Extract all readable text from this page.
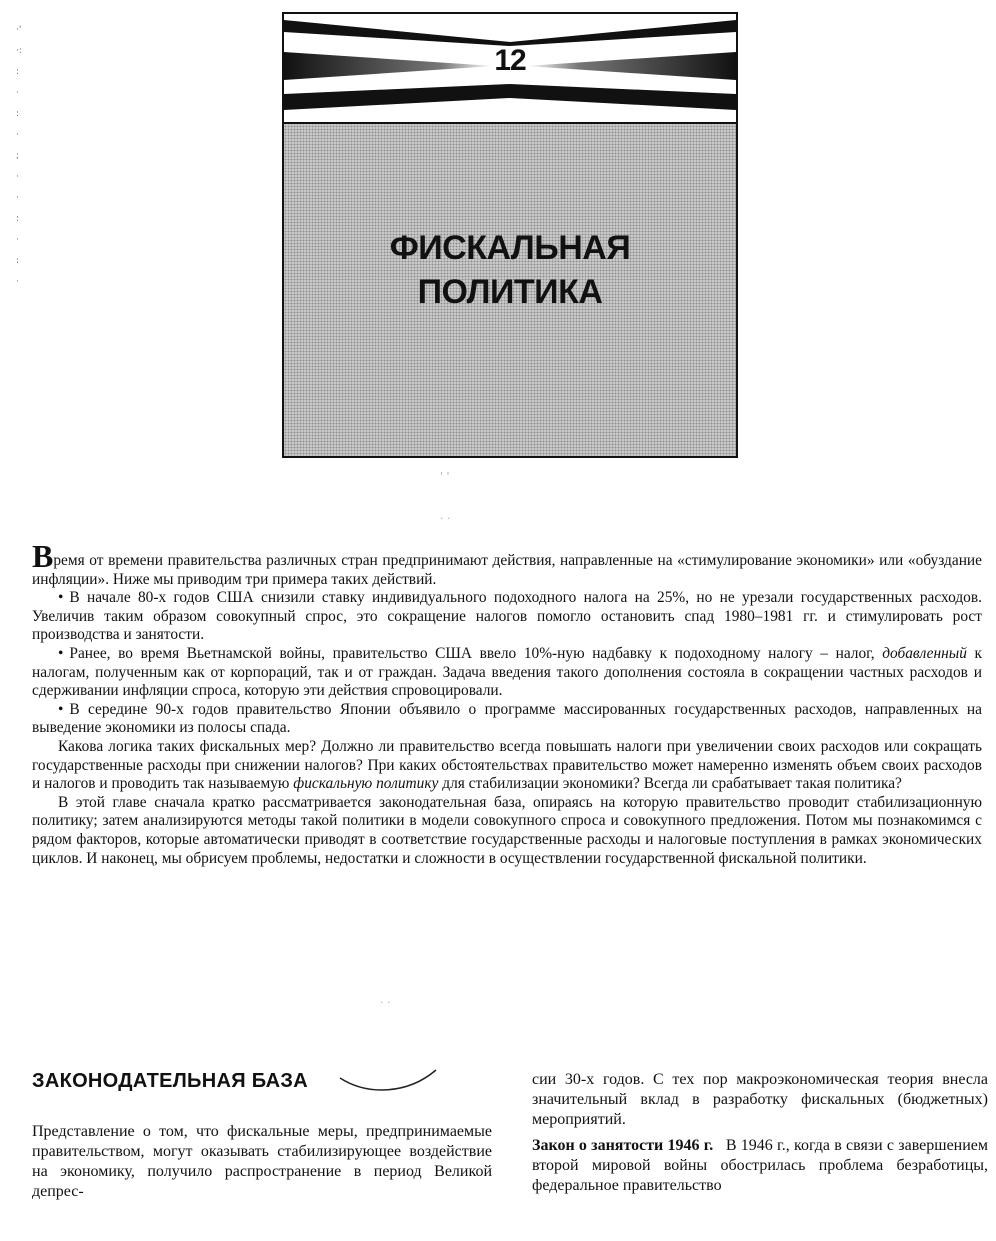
·'
·:
:
·
:
·
;
·
·
:
·
:
·
' '
· ·
· ·
12
ФИСКАЛЬНАЯ
ПОЛИТИКА

Время от времени правительства различных стран предпринимают действия, направленные на «стимулирование экономики» или «обуздание инфляции». Ниже мы приводим три примера таких действий.

• В начале 80-х годов США снизили ставку индивидуального подоходного налога на 25%, но не урезали государственных расходов. Увеличив таким образом совокупный спрос, это сокращение налогов помогло остановить спад 1980–1981 гг. и стимулировать рост производства и занятости.

• Ранее, во время Вьетнамской войны, правительство США ввело 10%-ную надбавку к подоходному налогу – налог, добавленный к налогам, полученным как от корпораций, так и от граждан. Задача введения такого дополнения состояла в сокращении частных расходов и сдерживании инфляции спроса, которую эти действия спровоцировали.

• В середине 90-х годов правительство Японии объявило о программе массированных государственных расходов, направленных на выведение экономики из полосы спада.

Какова логика таких фискальных мер? Должно ли правительство всегда повышать налоги при увеличении своих расходов или сокращать государственные расходы при снижении налогов? При каких обстоятельствах правительство может намеренно изменять объем своих расходов и налогов и проводить так называемую фискальную политику для стабилизации экономики? Всегда ли срабатывает такая политика?

В этой главе сначала кратко рассматривается законодательная база, опираясь на которую правительство проводит стабилизационную политику; затем анализируются методы такой политики в модели совокупного спроса и совокупного предложения. Потом мы познакомимся с рядом факторов, которые автоматически приводят в соответствие государственные расходы и налоговые поступления в рамках экономических циклов. И наконец, мы обрисуем проблемы, недостатки и сложности в осуществлении государственной фискальной политики.

ЗАКОНОДАТЕЛЬНАЯ БАЗА

Представление о том, что фискальные меры, предпринимаемые правительством, могут оказывать стабилизирующее воздействие на экономику, получило распространение в период Великой депрес-

сии 30-х годов. С тех пор макроэкономическая теория внесла значительный вклад в разработку фискальных (бюджетных) мероприятий.

Закон о занятости 1946 г. В 1946 г., когда в связи с завершением второй мировой войны обострилась проблема безработицы, федеральное правительство
